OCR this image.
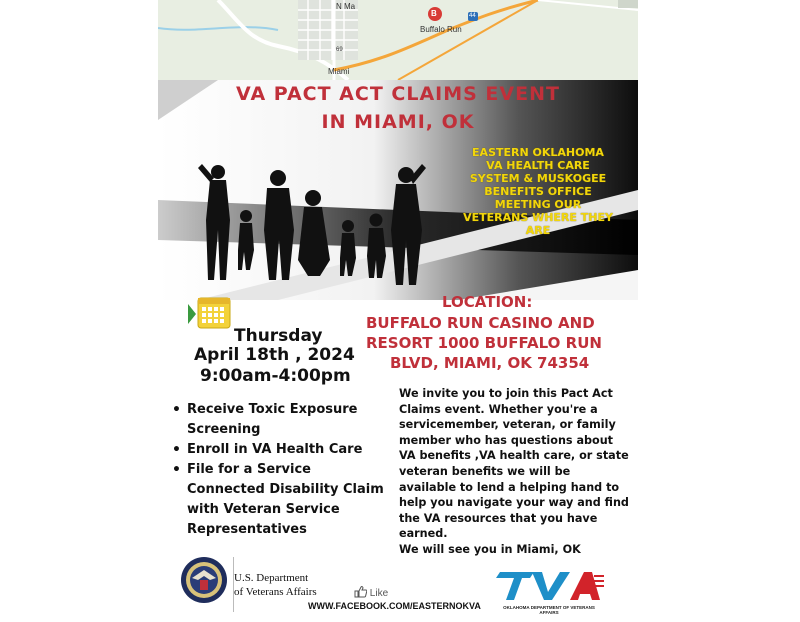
N Ma
Miami
B
Buffalo Run
69
44
VA PACT ACT CLAIMS EVENT
IN MIAMI, OK
EASTERN OKLAHOMA
VA HEALTH CARE
SYSTEM & MUSKOGEE
BENEFITS OFFICE
MEETING OUR
VETERANS WHERE THEY
ARE
Thursday
April 18th , 2024
9:00am-4:00pm
LOCATION:
BUFFALO RUN CASINO AND
RESORT 1000 BUFFALO RUN
BLVD, MIAMI, OK 74354
• Receive Toxic Exposure Screening
• Enroll in VA Health Care
• File for a Service Connected Disability Claim with Veteran Service Representatives
We invite you to join this Pact Act Claims event. Whether you're a servicemember, veteran, or family member who has questions about VA benefits ,VA health care, or state veteran benefits we will be available to lend a helping hand to help you navigate your way and find the VA resources that you have earned.
We will see you in Miami, OK
U.S. Department
of Veterans Affairs	Like
WWW.FACEBOOK.COM/EASTERNOKVA	OKLAHOMA DEPARTMENT OF VETERANS AFFAIRS
